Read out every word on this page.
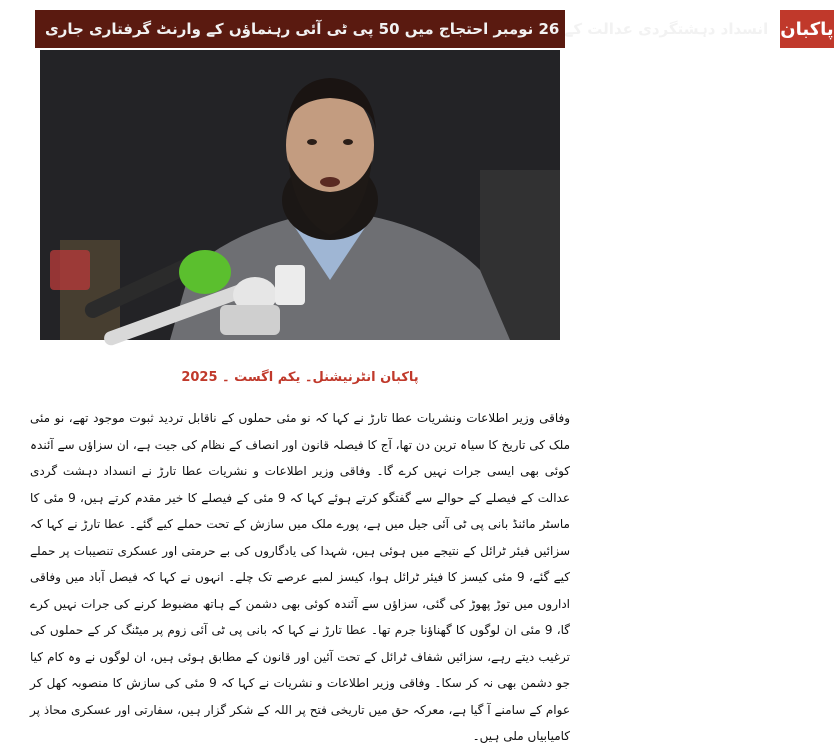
انسداد دہشتگردی عدالت کے 26 نومبر احتجاج میں 50 پی ٹی آئی رہنماؤں کے وارنٹ گرفتاری جاری پاکبان
پاکبان انٹرنیشنل۔ یکم اگست ۔ 2025

وفاقی وزیر اطلاعات ونشریات عطا تارڑ نے کہا کہ نو مئی حملوں کے ناقابل تردید ثبوت موجود تھے، نو مئی ملک کی تاریخ کا سیاہ ترین دن تھا، آج کا فیصلہ قانون اور انصاف کے نظام کی جیت ہے، ان سزاؤں سے آئندہ کوئی بھی ایسی جرات نہیں کرے گا۔ وفاقی وزیر اطلاعات و نشریات عطا تارڑ نے انسداد دہشت گردی عدالت کے فیصلے کے حوالے سے گفتگو کرتے ہوئے کہا کہ 9 مئی کے فیصلے کا خیر مقدم کرتے ہیں، 9 مئی کا ماسٹر مائنڈ بانی پی ٹی آئی جیل میں ہے، پورے ملک میں سازش کے تحت حملے کیے گئے۔ عطا تارڑ نے کہا کہ سزائیں فیئر ٹرائل کے نتیجے میں ہوئی ہیں، شہدا کی یادگاروں کی بے حرمتی اور عسکری تنصیبات پر حملے کیے گئے، 9 مئی کیسز کا فیئر ٹرائل ہوا، کیسز لمبے عرصے تک چلے۔ انہوں نے کہا کہ فیصل آباد میں وفاقی اداروں میں توڑ پھوڑ کی گئی، سزاؤں سے آئندہ کوئی بھی دشمن کے ہاتھ مضبوط کرنے کی جرات نہیں کرے گا، 9 مئی ان لوگوں کا گھناؤنا جرم تھا۔ عطا تارڑ نے کہا کہ بانی پی ٹی آئی زوم پر میٹنگ کر کے حملوں کی ترغیب دیتے رہے، سزائیں شفاف ٹرائل کے تحت آئین اور قانون کے مطابق ہوئی ہیں، ان لوگوں نے وہ کام کیا جو دشمن بھی نہ کر سکا۔ وفاقی وزیر اطلاعات و نشریات نے کہا کہ 9 مئی کی سازش کا منصوبہ کھل کر عوام کے سامنے آ گیا ہے، معرکہ حق میں تاریخی فتح پر اللہ کے شکر گزار ہیں، سفارتی اور عسکری محاذ پر کامیابیاں ملی ہیں۔
